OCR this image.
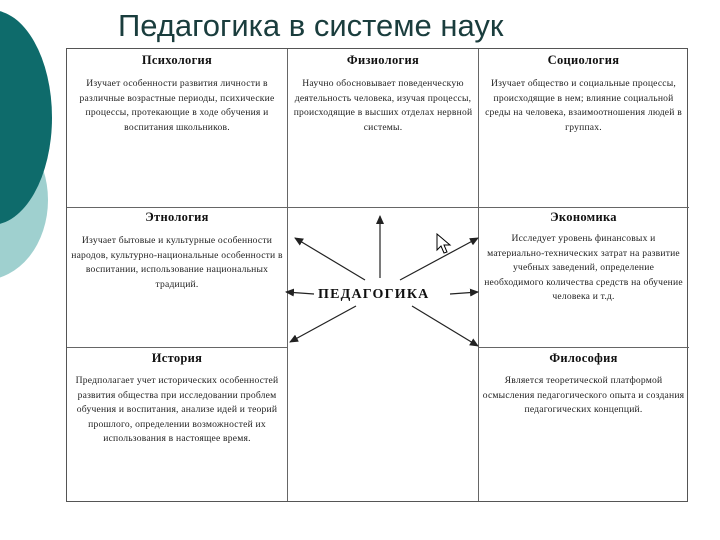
Педагогика в системе наук
Психология

Изучает особенности развития личности в различные возрастные периоды, психические процессы, протекающие в ходе обучения и воспитания школьников.

Физиология

Научно обосновывает поведенческую деятельность человека, изучая процессы, происходящие в высших отделах нервной системы.

Социология

Изучает общество и социальные процессы, происходящие в нем; влияние социальной среды на человека, взаимоотношения людей в группах.

Этнология

Изучает бытовые и культурные особенности народов, культурно-национальные особенности в воспитании, использование национальных традиций.

Экономика

Исследует уровень финансовых и материально-технических затрат на развитие учебных заведений, определение необходимого количества средств на обучение человека и т.д.

История

Предполагает учет исторических особенностей развития общества при исследовании проблем обучения и воспитания, анализе идей и теорий прошлого, определении возможностей их использования в настоящее время.

Философия

Является теоретической платформой осмысления педагогического опыта и создания педагогических концепций.

ПЕДАГОГИКА
